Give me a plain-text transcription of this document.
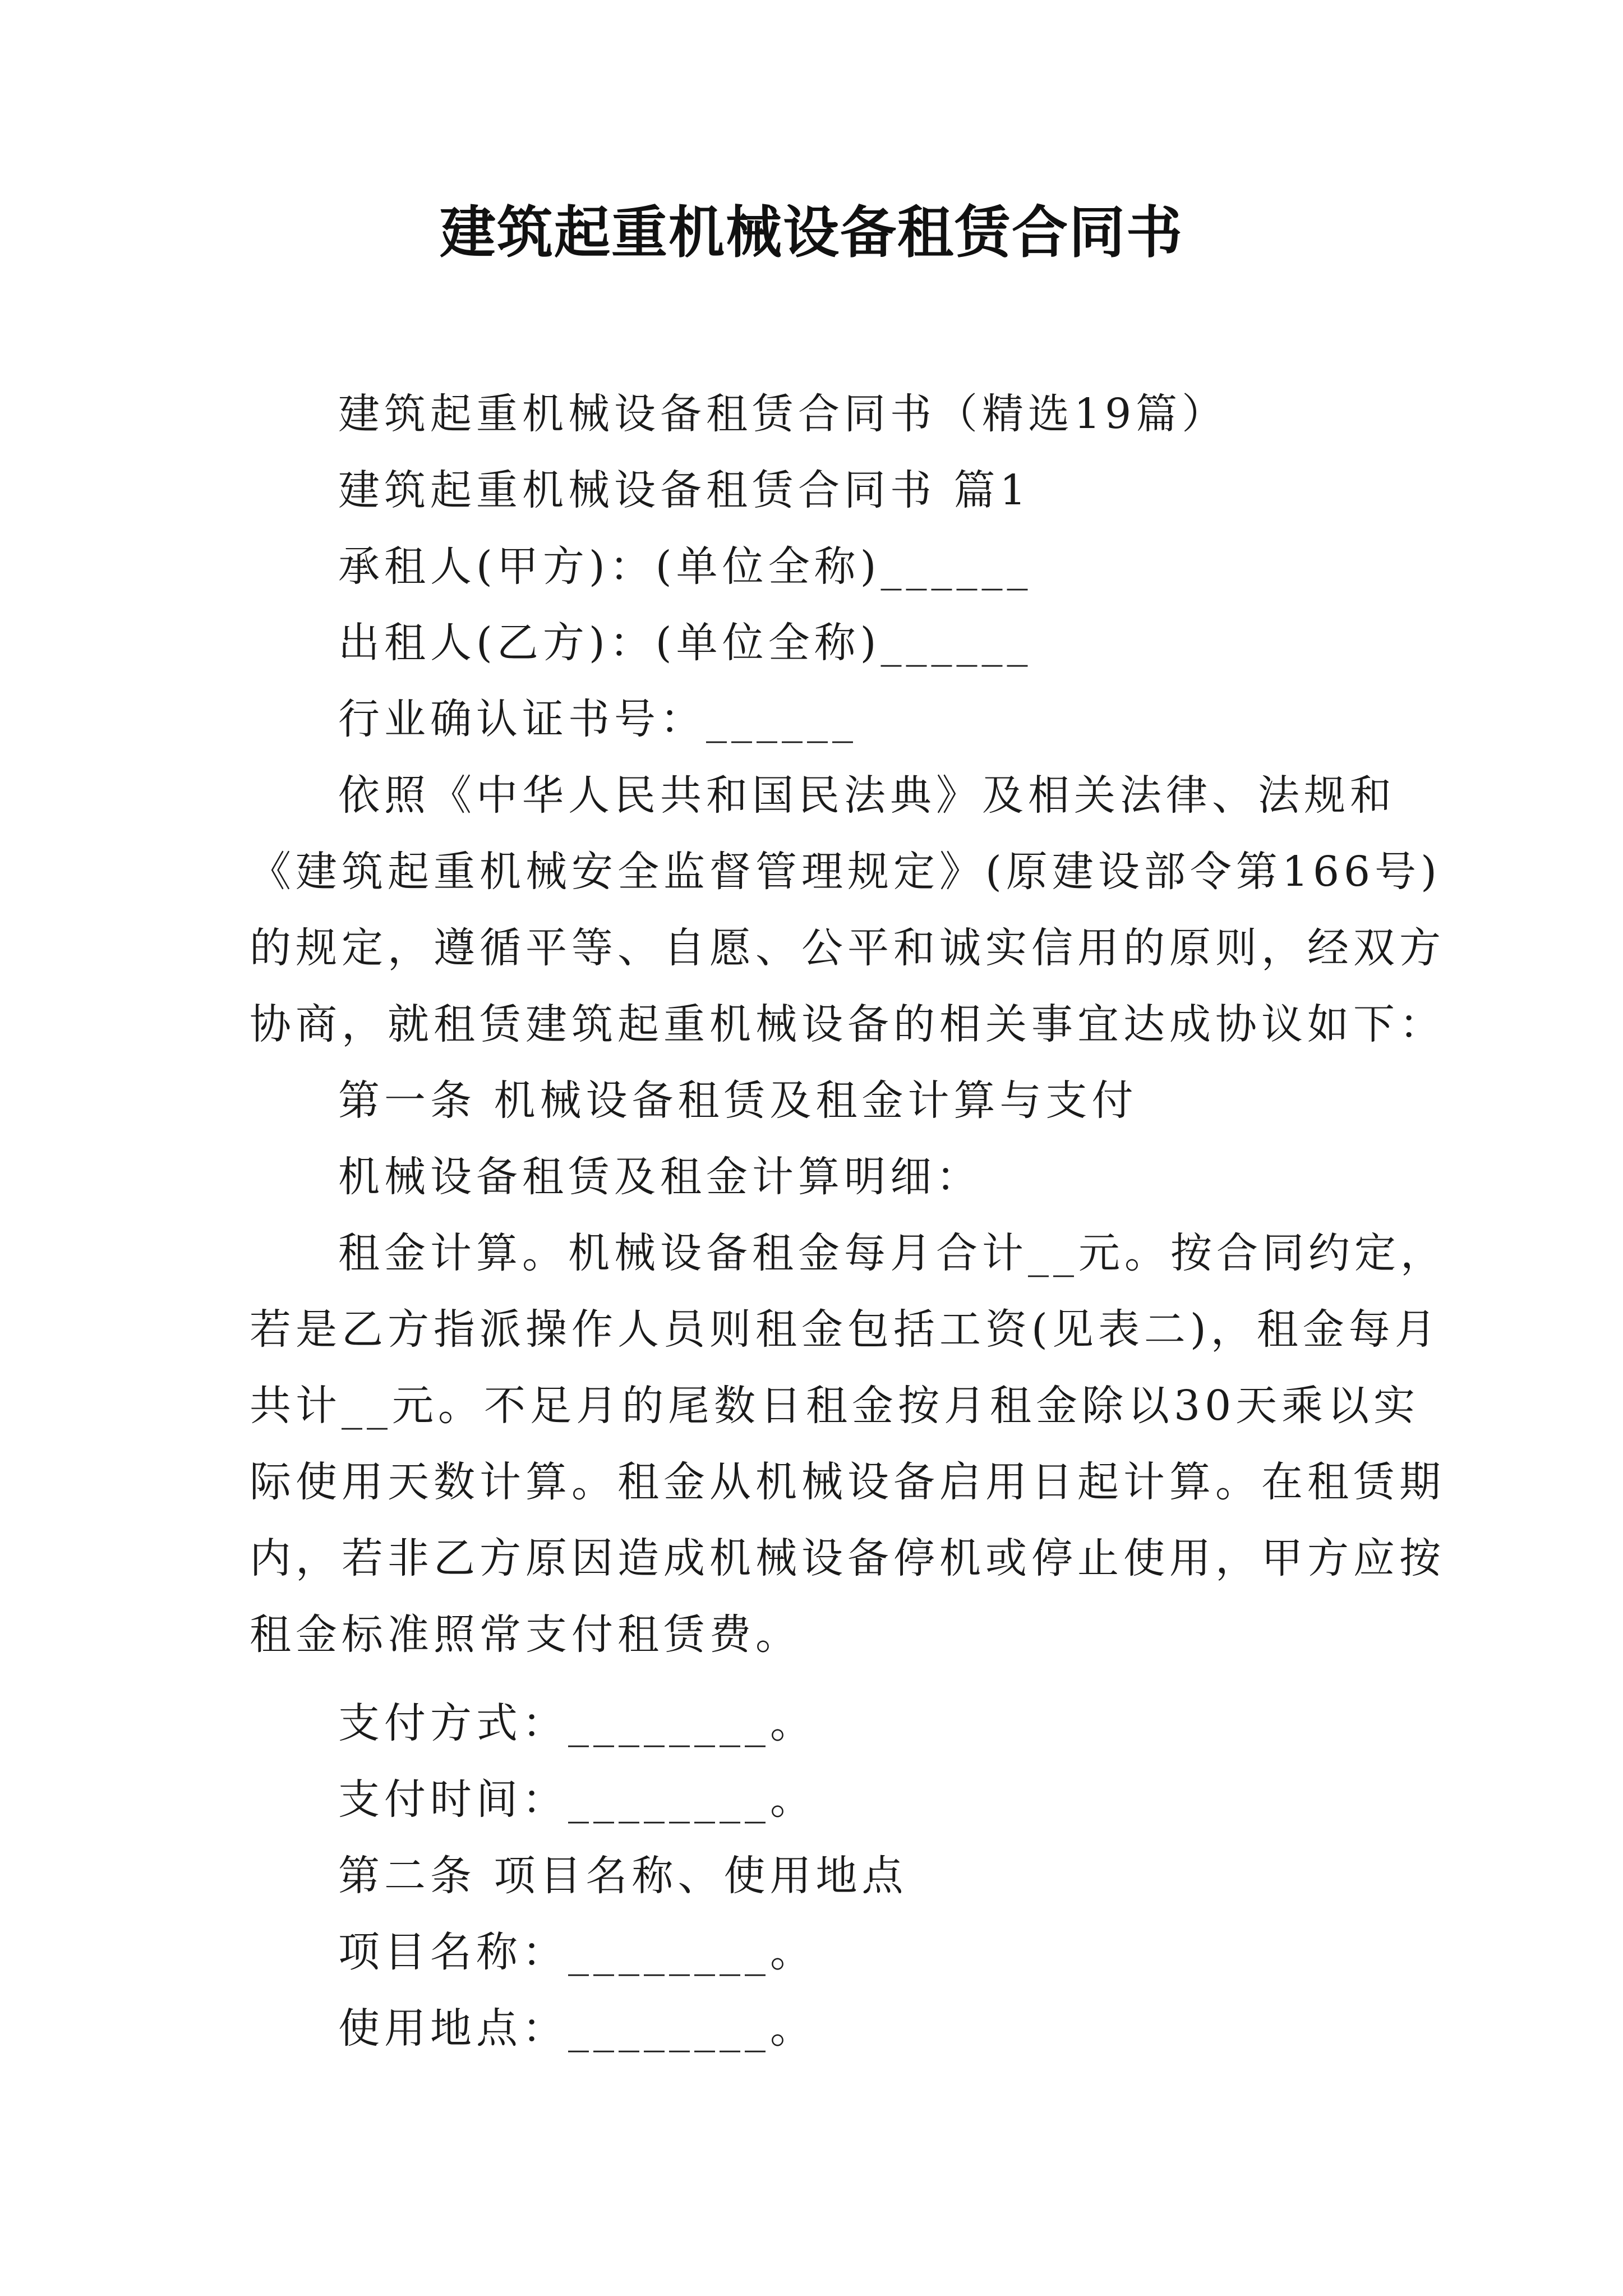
建筑起重机械设备租赁合同书

建筑起重机械设备租赁合同书（精选19篇）

建筑起重机械设备租赁合同书 篇1

承租人(甲方)：(单位全称)______

出租人(乙方)：(单位全称)______

行业确认证书号：______

依照《中华人民共和国民法典》及相关法律、法规和
《建筑起重机械安全监督管理规定》(原建设部令第166号)
的规定，遵循平等、自愿、公平和诚实信用的原则，经双方
协商，就租赁建筑起重机械设备的相关事宜达成协议如下：

第一条 机械设备租赁及租金计算与支付

机械设备租赁及租金计算明细：

租金计算。机械设备租金每月合计__元。按合同约定，
若是乙方指派操作人员则租金包括工资(见表二)，租金每月
共计__元。不足月的尾数日租金按月租金除以30天乘以实
际使用天数计算。租金从机械设备启用日起计算。在租赁期
内，若非乙方原因造成机械设备停机或停止使用，甲方应按
租金标准照常支付租赁费。

支付方式：________。

支付时间：________。

第二条 项目名称、使用地点

项目名称：________。

使用地点：________。
